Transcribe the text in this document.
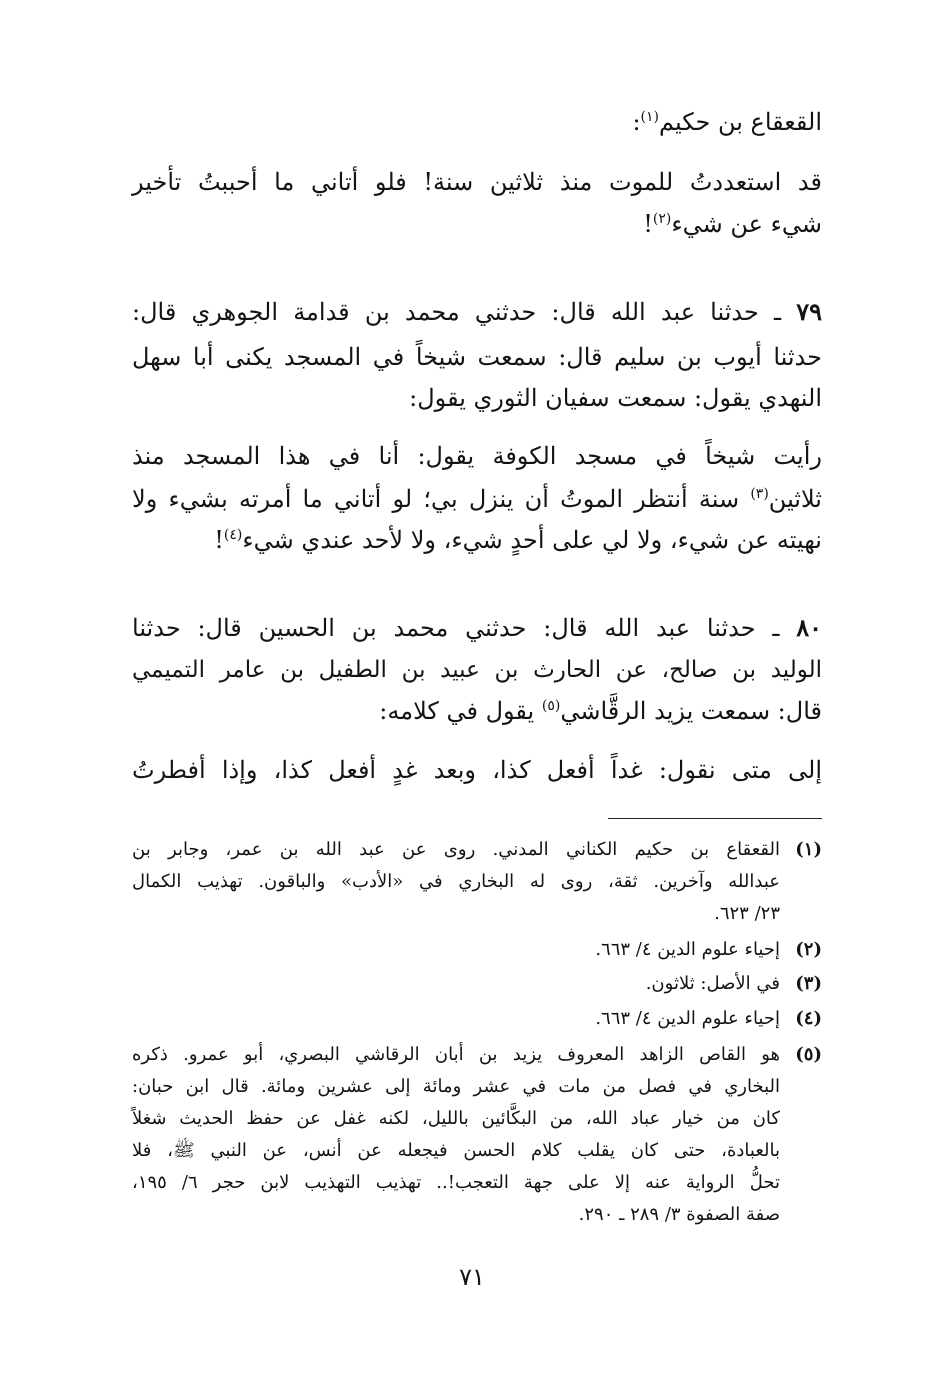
القعقاع بن حكيم$^{(١)}$:
قد استعددتُ للموت منذ ثلاثين سنة! فلو أتاني ما أحببتُ تأخير
شيء عن شيء$^{(٢)}$!
٧٩ ـ حدثنا عبد الله قال: حدثني محمد بن قدامة الجوهري قال:
حدثنا أيوب بن سليم قال: سمعت شيخاً في المسجد يكنى أبا سهل
النهدي يقول: سمعت سفيان الثوري يقول:
رأيت شيخاً في مسجد الكوفة يقول: أنا في هذا المسجد منذ
ثلاثين$^{(٣)}$ سنة أنتظر الموتُ أن ينزل بي؛ لو أتاني ما أمرته بشيء ولا
نهيته عن شيء، ولا لي على أحدٍ شيء، ولا لأحد عندي شيء$^{(٤)}$!
٨٠ ـ حدثنا عبد الله قال: حدثني محمد بن الحسين قال: حدثنا
الوليد بن صالح، عن الحارث بن عبيد بن الطفيل بن عامر التميمي
قال: سمعت يزيد الرقَّاشي$^{(٥)}$ يقول في كلامه:
إلى متى نقول: غداً أفعل كذا، وبعد غدٍ أفعل كذا، وإذا أفطرتُ
(١)
القعقاع بن حكيم الكناني المدني. روى عن عبد الله بن عمر، وجابر بن
عبدالله وآخرين. ثقة، روى له البخاري في «الأدب» والباقون. تهذيب الكمال
٢٣/ ٦٢٣.
(٢)
إحياء علوم الدين ٤/ ٦٦٣.
(٣)
في الأصل: ثلاثون.
(٤)
إحياء علوم الدين ٤/ ٦٦٣.
(٥)
هو القاص الزاهد المعروف يزيد بن أبان الرقاشي البصري، أبو عمرو. ذكره
البخاري في فصل من مات في عشر ومائة إلى عشرين ومائة. قال ابن حبان:
كان من خيار عباد الله، من البكَّائين بالليل، لكنه غفل عن حفظ الحديث شغلاً
بالعبادة، حتى كان يقلب كلام الحسن فيجعله عن أنس، عن النبي ﷺ، فلا
تحلُّ الرواية عنه إلا على جهة التعجب!.. تهذيب التهذيب لابن حجر ٦/ ١٩٥،
صفة الصفوة ٣/ ٢٨٩ ـ ٢٩٠.
٧١
